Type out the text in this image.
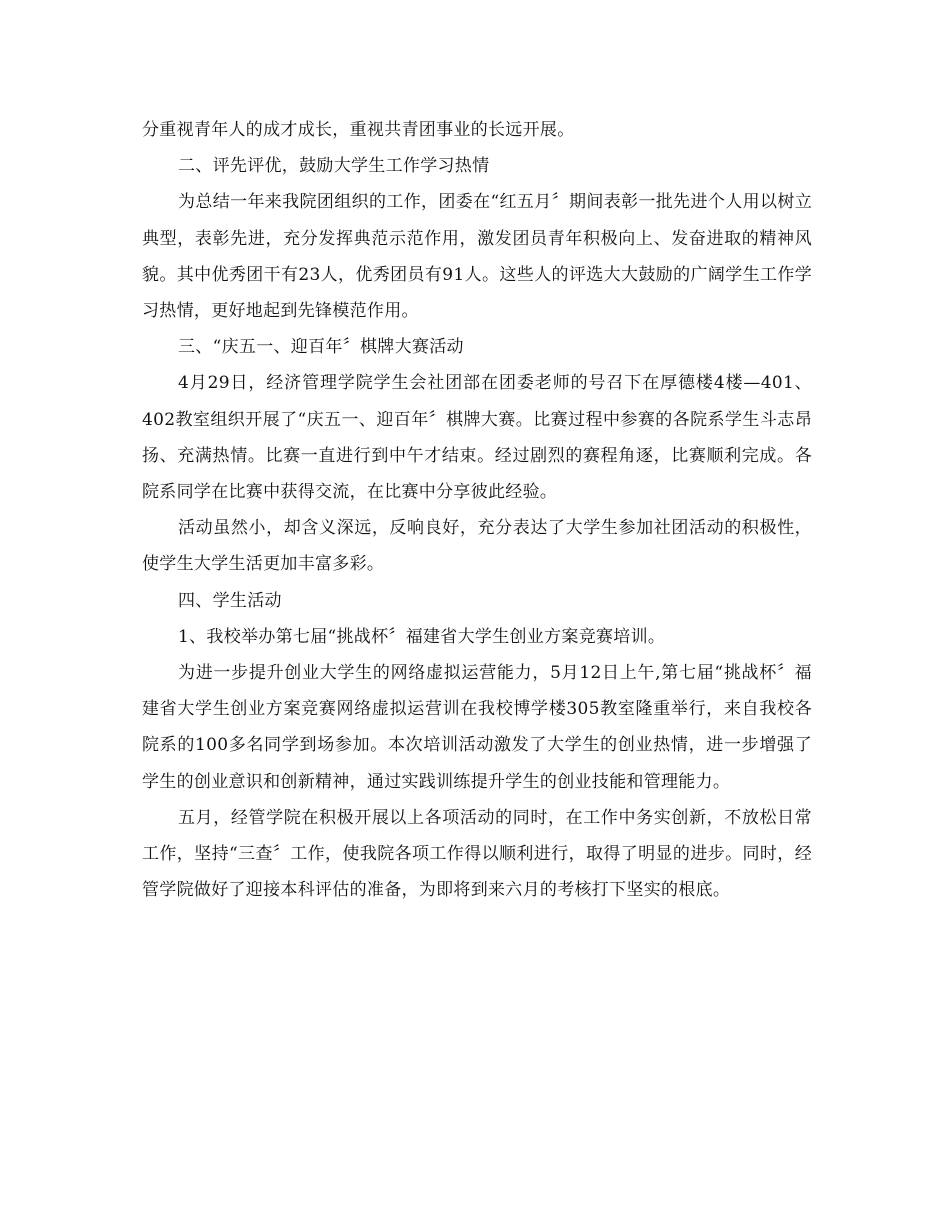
分重视青年人的成才成长，重视共青团事业的长远开展。

二、评先评优，鼓励大学生工作学习热情

为总结一年来我院团组织的工作，团委在“红五月〞期间表彰一批先进个人用以树立典型，表彰先进，充分发挥典范示范作用，激发团员青年积极向上、发奋进取的精神风貌。其中优秀团干有23人，优秀团员有91人。这些人的评选大大鼓励的广阔学生工作学习热情，更好地起到先锋模范作用。

三、“庆五一、迎百年〞棋牌大赛活动

4月29日，经济管理学院学生会社团部在团委老师的号召下在厚德楼4楼—401、402教室组织开展了“庆五一、迎百年〞棋牌大赛。比赛过程中参赛的各院系学生斗志昂扬、充满热情。比赛一直进行到中午才结束。经过剧烈的赛程角逐，比赛顺利完成。各院系同学在比赛中获得交流，在比赛中分享彼此经验。

活动虽然小，却含义深远，反响良好，充分表达了大学生参加社团活动的积极性，使学生大学生活更加丰富多彩。

四、学生活动

1、我校举办第七届“挑战杯〞福建省大学生创业方案竞赛培训。

为进一步提升创业大学生的网络虚拟运营能力，5月12日上午,第七届“挑战杯〞福建省大学生创业方案竞赛网络虚拟运营训在我校博学楼305教室隆重举行，来自我校各院系的100多名同学到场参加。本次培训活动激发了大学生的创业热情，进一步增强了学生的创业意识和创新精神，通过实践训练提升学生的创业技能和管理能力。

五月，经管学院在积极开展以上各项活动的同时，在工作中务实创新，不放松日常工作，坚持“三查〞工作，使我院各项工作得以顺利进行，取得了明显的进步。同时，经管学院做好了迎接本科评估的准备，为即将到来六月的考核打下坚实的根底。
